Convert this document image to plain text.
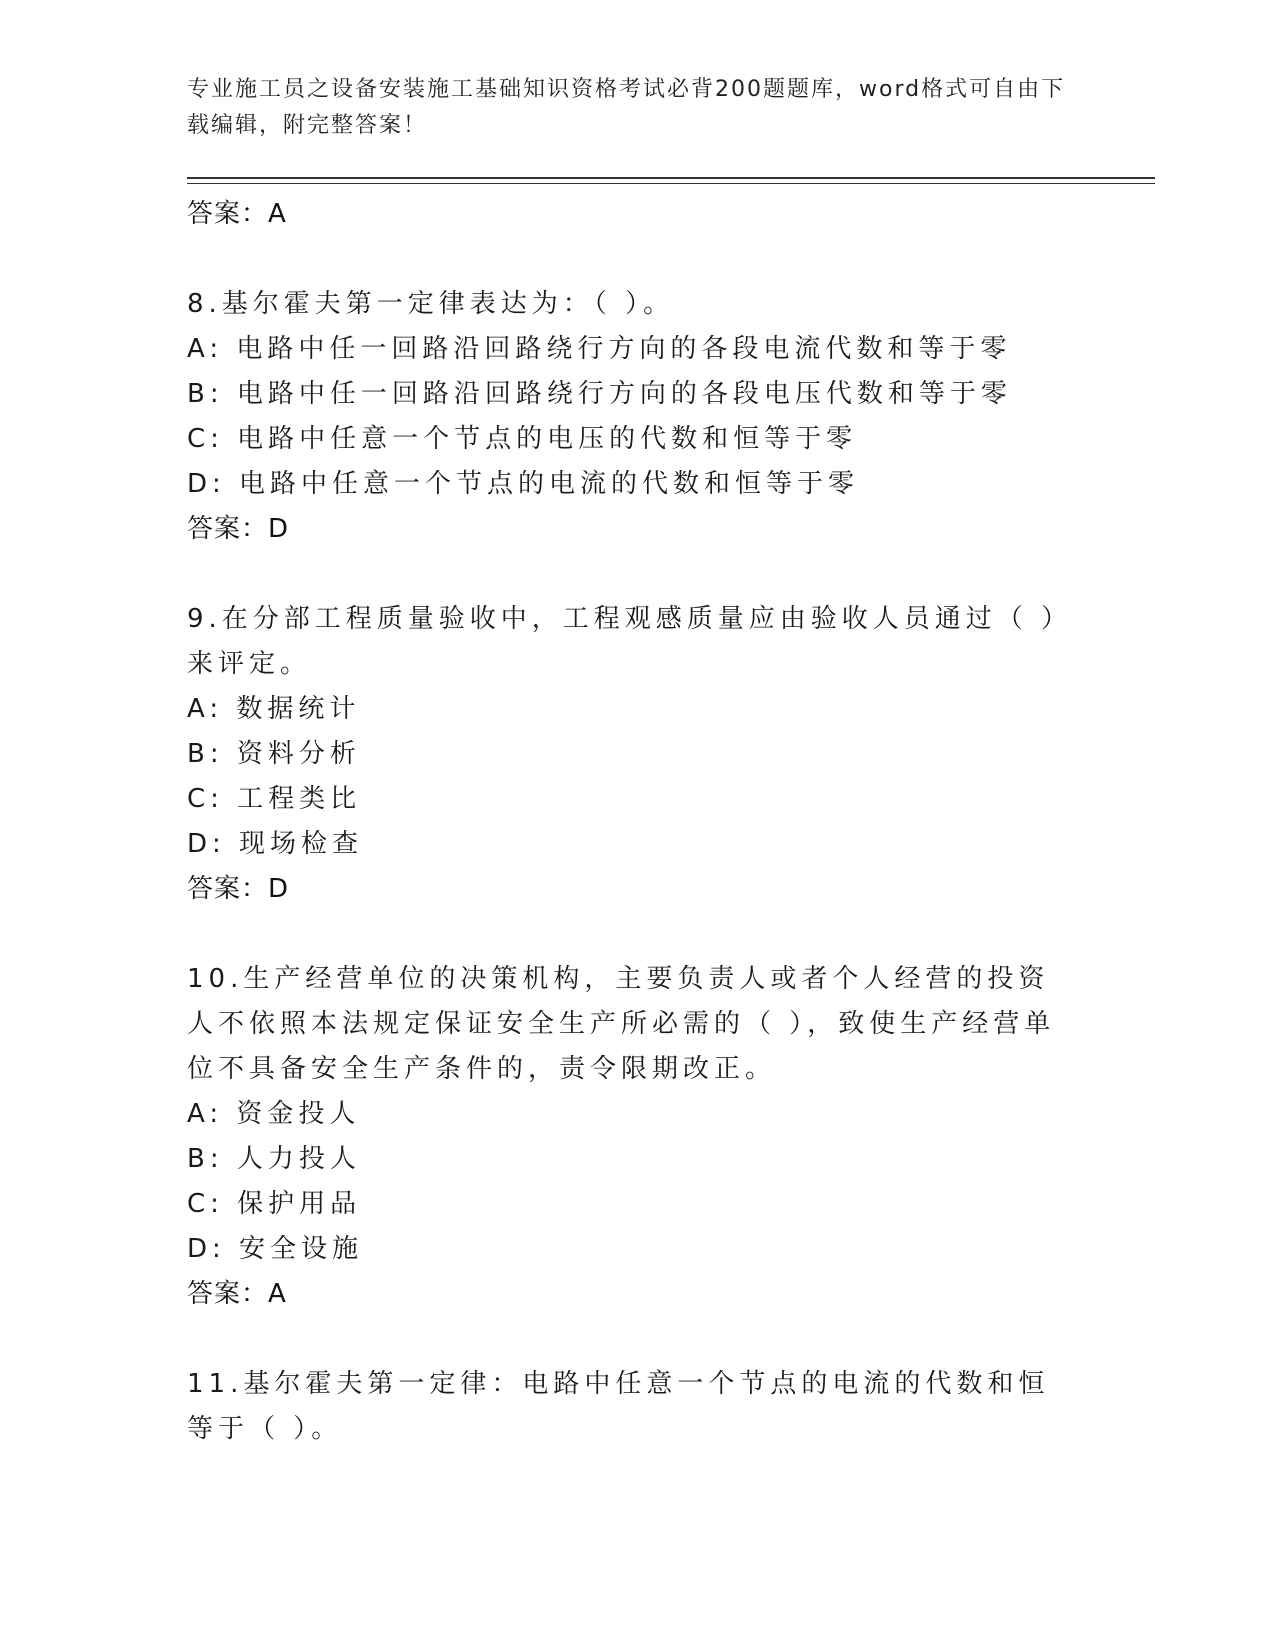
专业施工员之设备安装施工基础知识资格考试必背200题题库，word格式可自由下载编辑，附完整答案！
答案：A
8.基尔霍夫第一定律表达为：（ ）。
A: 电路中任一回路沿回路绕行方向的各段电流代数和等于零
B: 电路中任一回路沿回路绕行方向的各段电压代数和等于零
C: 电路中任意一个节点的电压的代数和恒等于零
D: 电路中任意一个节点的电流的代数和恒等于零
答案：D
9.在分部工程质量验收中，工程观感质量应由验收人员通过（ ）来评定。
A: 数据统计
B: 资料分析
C: 工程类比
D: 现场检查
答案：D
10.生产经营单位的决策机构，主要负责人或者个人经营的投资人不依照本法规定保证安全生产所必需的（ ），致使生产经营单位不具备安全生产条件的，责令限期改正。
A: 资金投人
B: 人力投人
C: 保护用品
D: 安全设施
答案：A
11.基尔霍夫第一定律：电路中任意一个节点的电流的代数和恒等于（ ）。
